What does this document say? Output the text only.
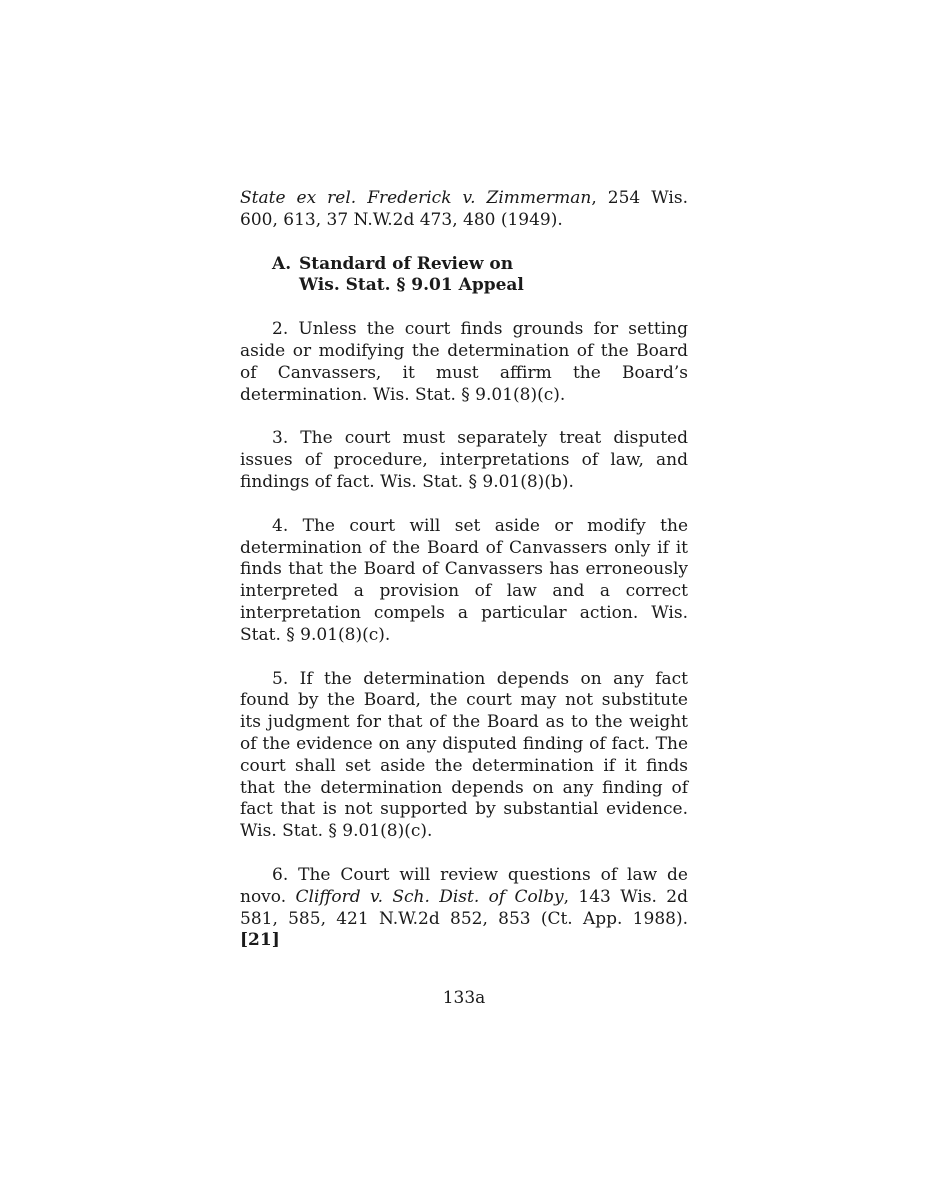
State ex rel. Frederick v. Zimmerman, 254 Wis. 600, 613, 37 N.W.2d 473, 480 (1949).

A. Standard of Review on
Wis. Stat. § 9.01 Appeal

2. Unless the court finds grounds for setting aside or modifying the determination of the Board of Canvassers, it must affirm the Board’s determination. Wis. Stat. § 9.01(8)(c).

3. The court must separately treat disputed issues of procedure, interpretations of law, and findings of fact. Wis. Stat. § 9.01(8)(b).

4. The court will set aside or modify the determination of the Board of Canvassers only if it finds that the Board of Canvassers has erroneously interpreted a provision of law and a correct interpretation compels a particular action. Wis. Stat. § 9.01(8)(c).

5. If the determination depends on any fact found by the Board, the court may not substitute its judgment for that of the Board as to the weight of the evidence on any disputed finding of fact. The court shall set aside the determination if it finds that the determination depends on any finding of fact that is not supported by substantial evidence. Wis. Stat. § 9.01(8)(c).

6. The Court will review questions of law de novo. Clifford v. Sch. Dist. of Colby, 143 Wis. 2d 581, 585, 421 N.W.2d 852, 853 (Ct. App. 1988). [21]

133a
